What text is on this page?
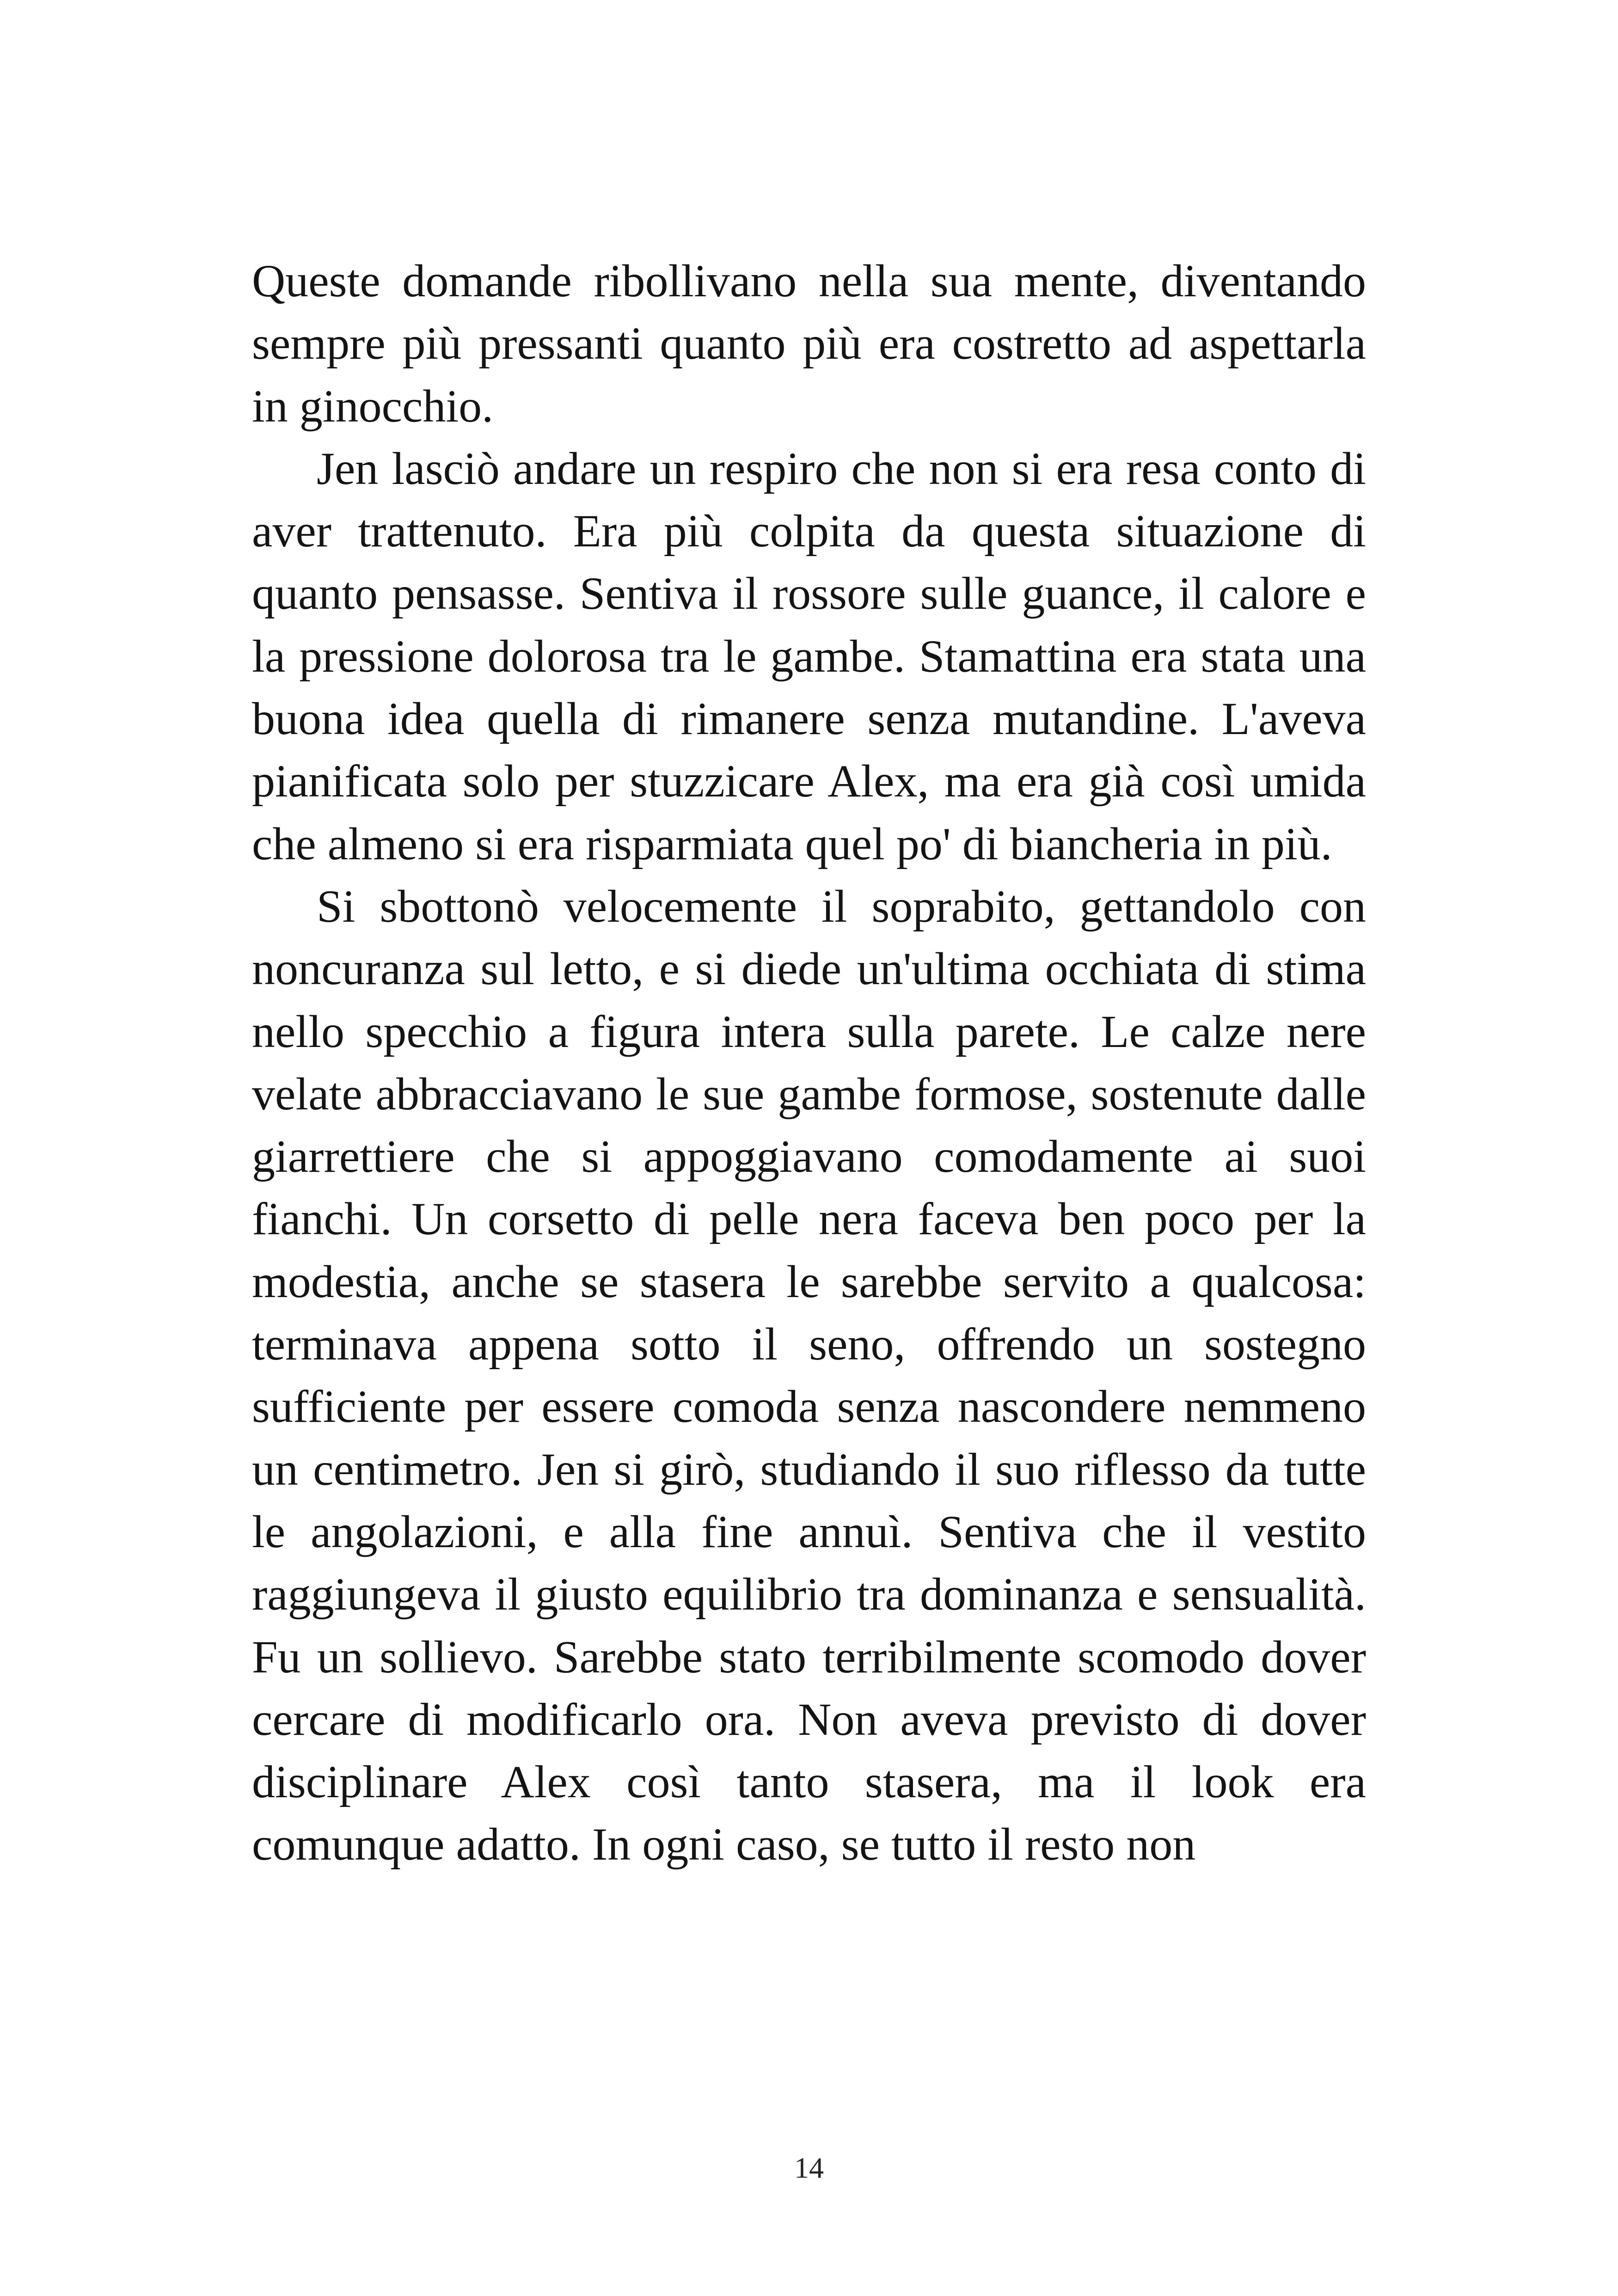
Queste domande ribollivano nella sua mente, diventando sempre più pressanti quanto più era costretto ad aspettarla in ginocchio.

Jen lasciò andare un respiro che non si era resa conto di aver trattenuto. Era più colpita da questa situazione di quanto pensasse. Sentiva il rossore sulle guance, il calore e la pressione dolorosa tra le gambe. Stamattina era stata una buona idea quella di rimanere senza mutandine. L'aveva pianificata solo per stuzzicare Alex, ma era già così umida che almeno si era risparmiata quel po' di biancheria in più.

Si sbottonò velocemente il soprabito, gettandolo con noncuranza sul letto, e si diede un'ultima occhiata di stima nello specchio a figura intera sulla parete. Le calze nere velate abbracciavano le sue gambe formose, sostenute dalle giarrettiere che si appoggiavano comodamente ai suoi fianchi. Un corsetto di pelle nera faceva ben poco per la modestia, anche se stasera le sarebbe servito a qualcosa: terminava appena sotto il seno, offrendo un sostegno sufficiente per essere comoda senza nascondere nemmeno un centimetro. Jen si girò, studiando il suo riflesso da tutte le angolazioni, e alla fine annuì. Sentiva che il vestito raggiungeva il giusto equilibrio tra dominanza e sensualità. Fu un sollievo. Sarebbe stato terribilmente scomodo dover cercare di modificarlo ora. Non aveva previsto di dover disciplinare Alex così tanto stasera, ma il look era comunque adatto. In ogni caso, se tutto il resto non

14
